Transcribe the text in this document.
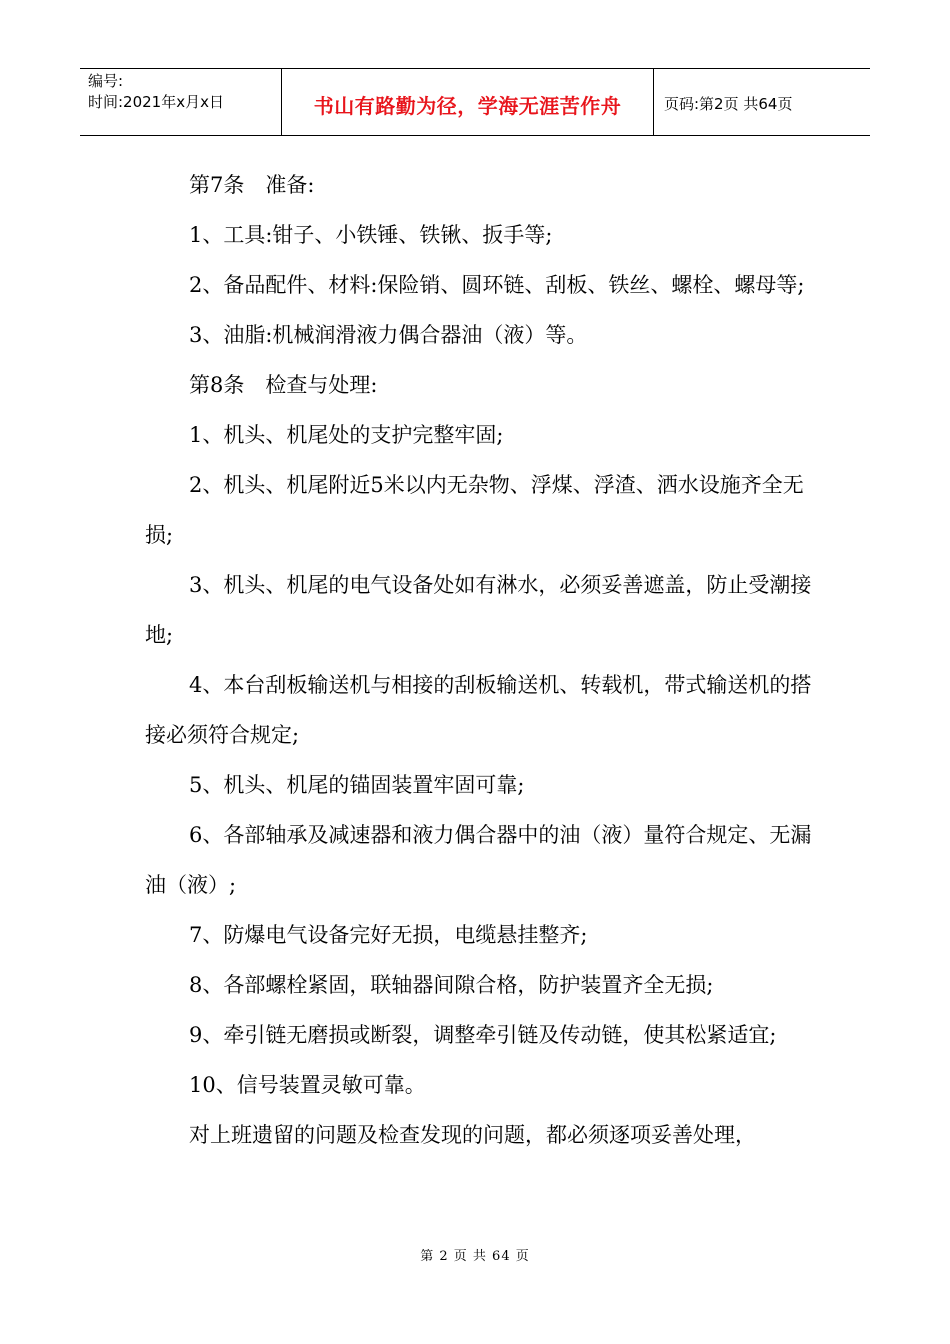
编号:
时间:2021年x月x日	书山有路勤为径，学海无涯苦作舟	页码:第2页 共64页

第7条　准备:

1、工具:钳子、小铁锤、铁锹、扳手等;

2、备品配件、材料:保险销、圆环链、刮板、铁丝、螺栓、螺母等;

3、油脂:机械润滑液力偶合器油（液）等。

第8条　检查与处理:

1、机头、机尾处的支护完整牢固;

2、机头、机尾附近5米以内无杂物、浮煤、浮渣、洒水设施齐全无损;

3、机头、机尾的电气设备处如有淋水，必须妥善遮盖，防止受潮接地;

4、本台刮板输送机与相接的刮板输送机、转载机，带式输送机的搭接必须符合规定;

5、机头、机尾的锚固装置牢固可靠;

6、各部轴承及减速器和液力偶合器中的油（液）量符合规定、无漏油（液）;

7、防爆电气设备完好无损，电缆悬挂整齐;

8、各部螺栓紧固，联轴器间隙合格，防护装置齐全无损;

9、牵引链无磨损或断裂，调整牵引链及传动链，使其松紧适宜;

10、信号装置灵敏可靠。

对上班遗留的问题及检查发现的问题，都必须逐项妥善处理，

第 2 页 共 64 页
